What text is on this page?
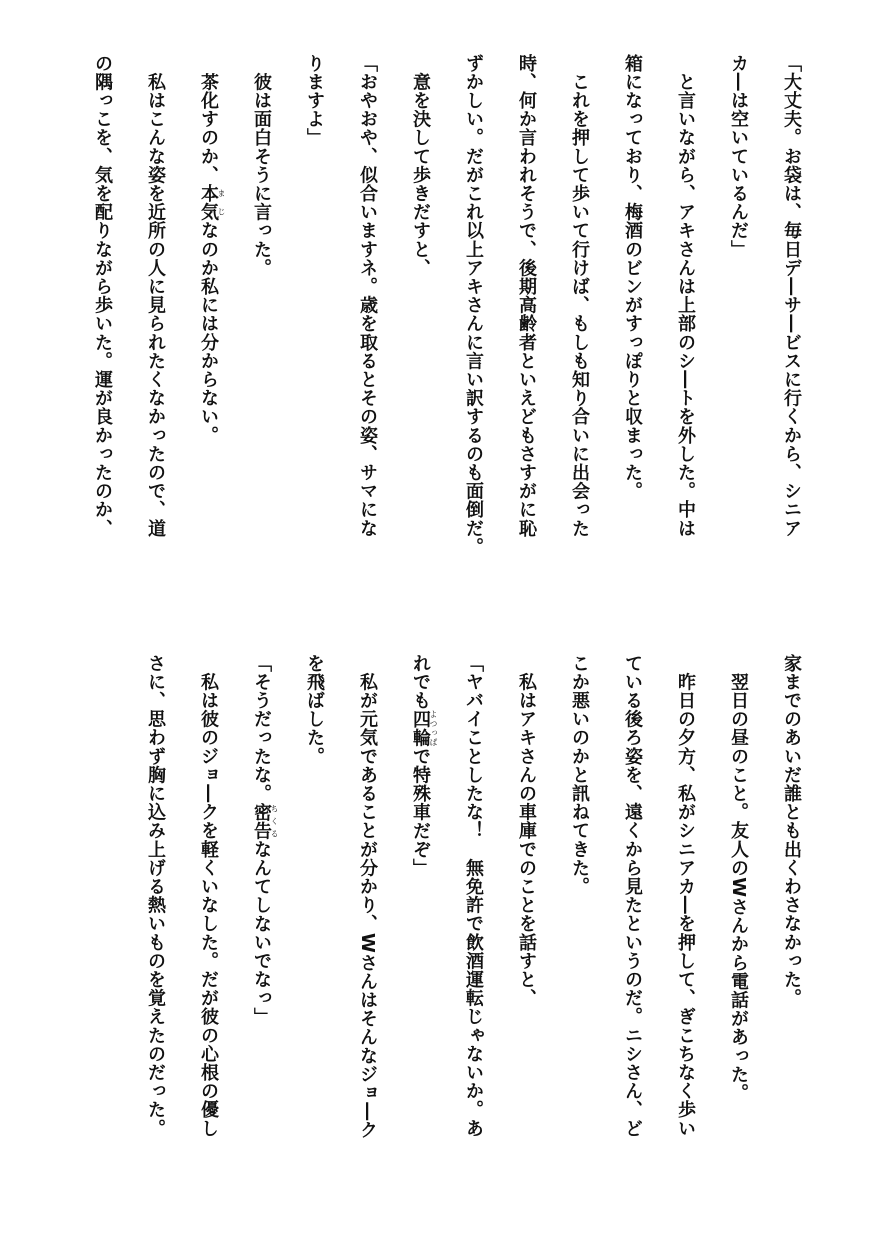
「大丈夫。お袋は、毎日デ―サ―ビスに行くから、シニア
カ―は空いているんだ」
　と言いながら、アキさんは上部のシ―トを外した。中は
箱になっており、梅酒のビンがすっぽりと収まった。
　これを押して歩いて行けば、もしも知り合いに出会った
時、何か言われそうで、後期高齢者といえどもさすがに恥
ずかしい。だがこれ以上アキさんに言い訳するのも面倒だ。
　意を決して歩きだすと、
「おやおや、似合いますネ。歳を取るとその姿、サマにな
りますよ」
　彼は面白そうに言った。
　茶化すのか、本気まじなのか私には分からない。
　私はこんな姿を近所の人に見られたくなかったので、道
の隅っこを、気を配りながら歩いた。運が良かったのか、
家までのあいだ誰とも出くわさなかった。
　翌日の昼のこと。友人のWさんから電話があった。
　昨日の夕方、私がシニアカ―を押して、ぎこちなく歩い
ている後ろ姿を、遠くから見たというのだ。ニシさん、ど
こか悪いのかと訊ねてきた。
　私はアキさんの車庫でのことを話すと、
「ヤバイことしたな！　無免許で飲酒運転じゃないか。あ
れでも四輪よつっぱで特殊車だぞ」
　私が元気であることが分かり、Wさんはそんなジョ―ク
を飛ばした。
「そうだったな。密告ちくるなんてしないでなっ」
　私は彼のジョ―クを軽くいなした。だが彼の心根の優し
さに、思わず胸に込み上げる熱いものを覚えたのだった。
